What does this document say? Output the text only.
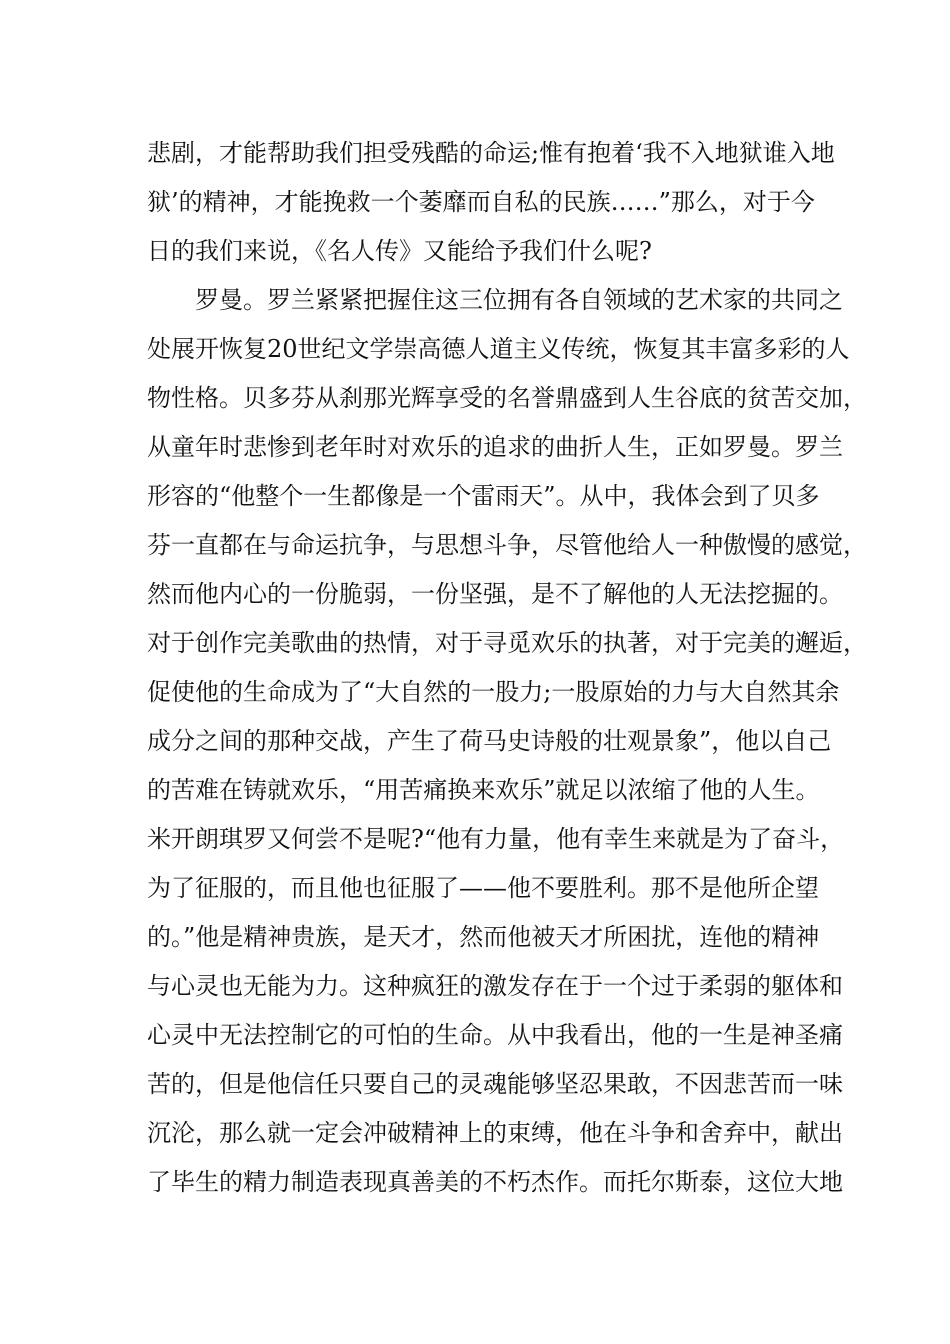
悲剧，才能帮助我们担受残酷的命运;惟有抱着‘我不入地狱谁入地
狱’的精神，才能挽救一个萎靡而自私的民族……”那么，对于今
日的我们来说，《名人传》又能给予我们什么呢?
　　罗曼。罗兰紧紧把握住这三位拥有各自领域的艺术家的共同之
处展开恢复20世纪文学崇高德人道主义传统，恢复其丰富多彩的人
物性格。贝多芬从刹那光辉享受的名誉鼎盛到人生谷底的贫苦交加，
从童年时悲惨到老年时对欢乐的追求的曲折人生，正如罗曼。罗兰
形容的“他整个一生都像是一个雷雨天”。从中，我体会到了贝多
芬一直都在与命运抗争，与思想斗争，尽管他给人一种傲慢的感觉，
然而他内心的一份脆弱，一份坚强，是不了解他的人无法挖掘的。
对于创作完美歌曲的热情，对于寻觅欢乐的执著，对于完美的邂逅，
促使他的生命成为了“大自然的一股力;一股原始的力与大自然其余
成分之间的那种交战，产生了荷马史诗般的壮观景象”，他以自己
的苦难在铸就欢乐，“用苦痛换来欢乐”就足以浓缩了他的人生。
米开朗琪罗又何尝不是呢?“他有力量，他有幸生来就是为了奋斗，
为了征服的，而且他也征服了——他不要胜利。那不是他所企望
的。”他是精神贵族，是天才，然而他被天才所困扰，连他的精神
与心灵也无能为力。这种疯狂的激发存在于一个过于柔弱的躯体和
心灵中无法控制它的可怕的生命。从中我看出，他的一生是神圣痛
苦的，但是他信任只要自己的灵魂能够坚忍果敢，不因悲苦而一味
沉沦，那么就一定会冲破精神上的束缚，他在斗争和舍弃中，献出
了毕生的精力制造表现真善美的不朽杰作。而托尔斯泰，这位大地
